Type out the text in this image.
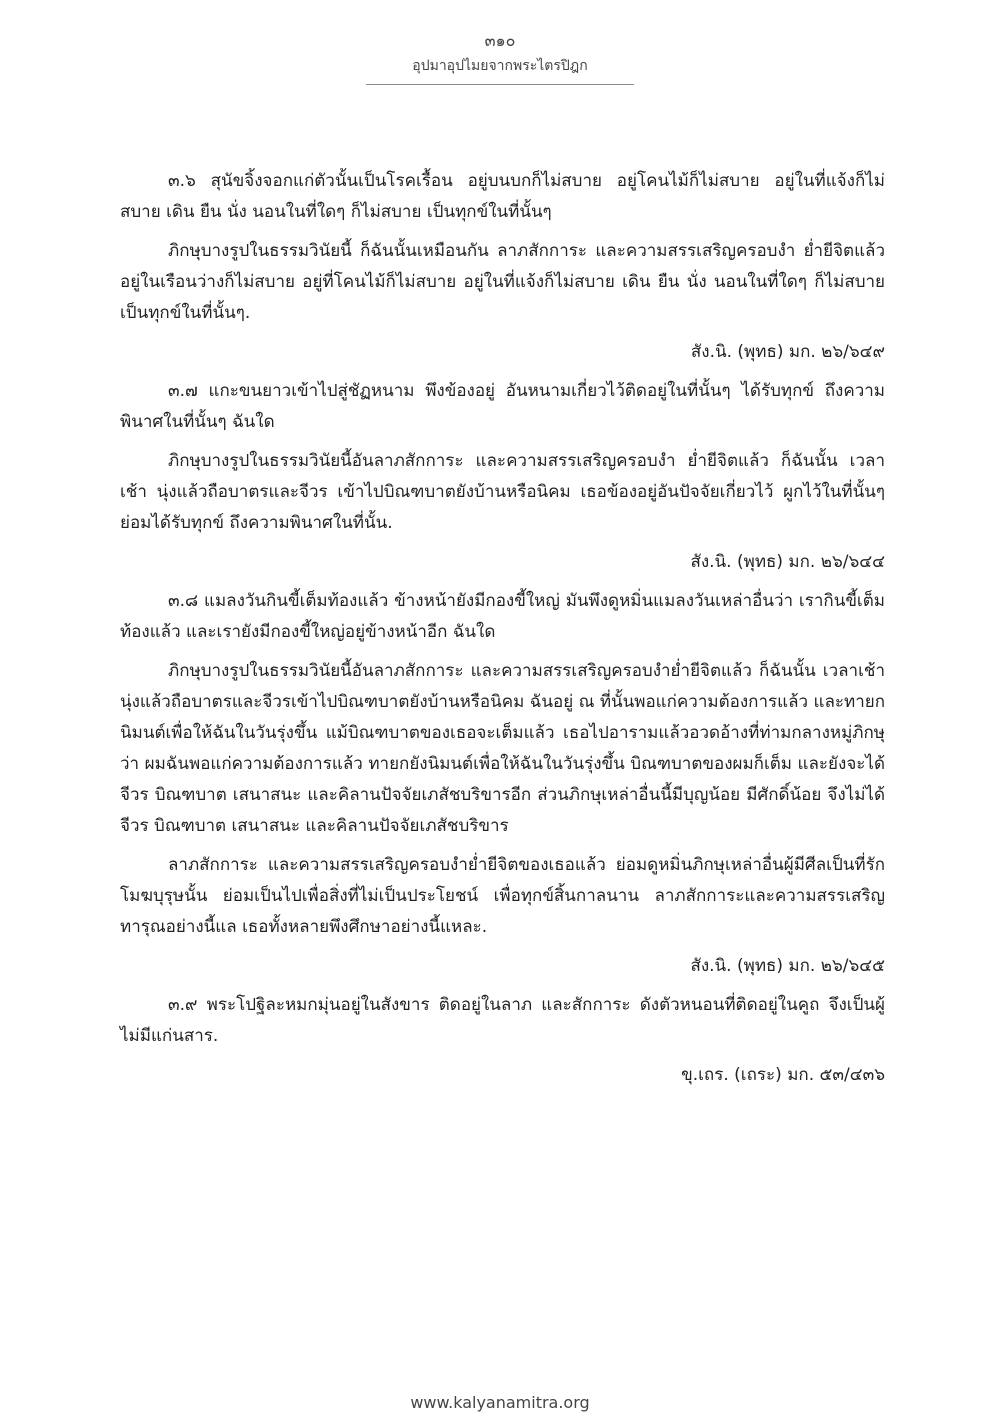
๓๑๐
อุปมาอุปไมยจากพระไตรปิฎก

๓.๖ สุนัขจิ้งจอกแก่ตัวนั้นเป็นโรคเรื้อน อยู่บนบกก็ไม่สบาย อยู่โคนไม้ก็ไม่สบาย อยู่ในที่แจ้งก็ไม่สบาย เดิน ยืน นั่ง นอนในที่ใดๆ ก็ไม่สบาย เป็นทุกข์ในที่นั้นๆ

ภิกษุบางรูปในธรรมวินัยนี้ ก็ฉันนั้นเหมือนกัน ลาภสักการะ และความสรรเสริญครอบงำ ย่ำยีจิตแล้ว อยู่ในเรือนว่างก็ไม่สบาย อยู่ที่โคนไม้ก็ไม่สบาย อยู่ในที่แจ้งก็ไม่สบาย เดิน ยืน นั่ง นอนในที่ใดๆ ก็ไม่สบาย เป็นทุกข์ในที่นั้นๆ.

สัง.นิ. (พุทธ) มก. ๒๖/๖๔๙

๓.๗ แกะขนยาวเข้าไปสู่ชัฏหนาม พึงข้องอยู่ อันหนามเกี่ยวไว้ติดอยู่ในที่นั้นๆ ได้รับทุกข์ ถึงความพินาศในที่นั้นๆ ฉันใด

ภิกษุบางรูปในธรรมวินัยนี้อันลาภสักการะ และความสรรเสริญครอบงำ ย่ำยีจิตแล้ว ก็ฉันนั้น เวลาเช้า นุ่งแล้วถือบาตรและจีวร เข้าไปบิณฑบาตยังบ้านหรือนิคม เธอข้องอยู่อันปัจจัยเกี่ยวไว้ ผูกไว้ในที่นั้นๆ ย่อมได้รับทุกข์ ถึงความพินาศในที่นั้น.

สัง.นิ. (พุทธ) มก. ๒๖/๖๔๔

๓.๘ แมลงวันกินขี้เต็มท้องแล้ว ข้างหน้ายังมีกองขี้ใหญ่ มันพึงดูหมิ่นแมลงวันเหล่าอื่นว่า เรากินขี้เต็มท้องแล้ว และเรายังมีกองขี้ใหญ่อยู่ข้างหน้าอีก ฉันใด

ภิกษุบางรูปในธรรมวินัยนี้อันลาภสักการะ และความสรรเสริญครอบงำย่ำยีจิตแล้ว ก็ฉันนั้น เวลาเช้า นุ่งแล้วถือบาตรและจีวรเข้าไปบิณฑบาตยังบ้านหรือนิคม ฉันอยู่ ณ ที่นั้นพอแก่ความต้องการแล้ว และทายกนิมนต์เพื่อให้ฉันในวันรุ่งขึ้น แม้บิณฑบาตของเธอจะเต็มแล้ว เธอไปอารามแล้วอวดอ้างที่ท่ามกลางหมู่ภิกษุว่า ผมฉันพอแก่ความต้องการแล้ว ทายกยังนิมนต์เพื่อให้ฉันในวันรุ่งขึ้น บิณฑบาตของผมก็เต็ม และยังจะได้จีวร บิณฑบาต เสนาสนะ และคิลานปัจจัยเภสัชบริขารอีก ส่วนภิกษุเหล่าอื่นนี้มีบุญน้อย มีศักดิ์น้อย จึงไม่ได้จีวร บิณฑบาต เสนาสนะ และคิลานปัจจัยเภสัชบริขาร

ลาภสักการะ และความสรรเสริญครอบงำย่ำยีจิตของเธอแล้ว ย่อมดูหมิ่นภิกษุเหล่าอื่นผู้มีศีลเป็นที่รัก โมฆบุรุษนั้น ย่อมเป็นไปเพื่อสิ่งที่ไม่เป็นประโยชน์ เพื่อทุกข์สิ้นกาลนาน ลาภสักการะและความสรรเสริญทารุณอย่างนี้แล เธอทั้งหลายพึงศึกษาอย่างนี้แหละ.

สัง.นิ. (พุทธ) มก. ๒๖/๖๔๕

๓.๙ พระโปฐิละหมกมุ่นอยู่ในสังขาร ติดอยู่ในลาภ และสักการะ ดังตัวหนอนที่ติดอยู่ในคูถ จึงเป็นผู้ไม่มีแก่นสาร.

ขุ.เถร. (เถระ) มก. ๕๓/๔๓๖

www.kalyanamitra.org
